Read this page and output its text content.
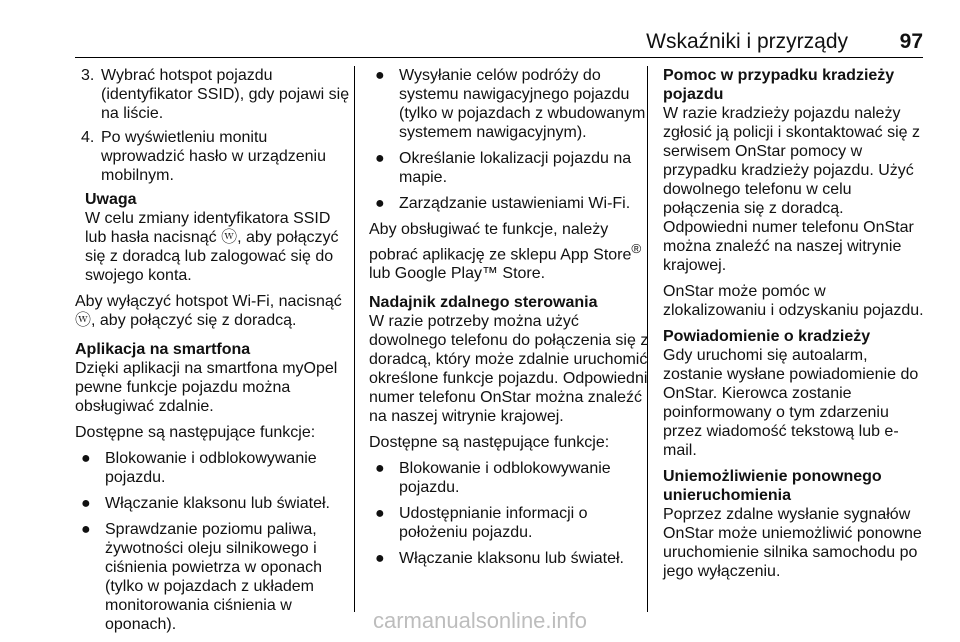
Wskaźniki i przyrządy 97
3. Wybrać hotspot pojazdu (identyfikator SSID), gdy pojawi się na liście.
4. Po wyświetleniu monitu wprowadzić hasło w urządzeniu mobilnym.
Uwaga
W celu zmiany identyfikatora SSID lub hasła nacisnąć ⓦ, aby połączyć się z doradcą lub zalogować się do swojego konta.

Aby wyłączyć hotspot Wi-Fi, nacisnąć ⓦ, aby połączyć się z doradcą.

Aplikacja na smartfona

Dzięki aplikacji na smartfona myOpel pewne funkcje pojazdu można obsługiwać zdalnie.

Dostępne są następujące funkcje:

● Blokowanie i odblokowywanie pojazdu.
● Włączanie klaksonu lub świateł.
● Sprawdzanie poziomu paliwa, żywotności oleju silnikowego i ciśnienia powietrza w oponach (tylko w pojazdach z układem monitorowania ciśnienia w oponach).
● Wysyłanie celów podróży do systemu nawigacyjnego pojazdu (tylko w pojazdach z wbudowanym systemem nawigacyjnym).
● Określanie lokalizacji pojazdu na mapie.
● Zarządzanie ustawieniami Wi-Fi.

Aby obsługiwać te funkcje, należy pobrać aplikację ze sklepu App Store® lub Google Play™ Store.

Nadajnik zdalnego sterowania

W razie potrzeby można użyć dowolnego telefonu do połączenia się z doradcą, który może zdalnie uruchomić określone funkcje pojazdu. Odpowiedni numer telefonu OnStar można znaleźć na naszej witrynie krajowej.

Dostępne są następujące funkcje:

● Blokowanie i odblokowywanie pojazdu.
● Udostępnianie informacji o położeniu pojazdu.
● Włączanie klaksonu lub świateł.
Pomoc w przypadku kradzieży pojazdu

W razie kradzieży pojazdu należy zgłosić ją policji i skontaktować się z serwisem OnStar pomocy w przypadku kradzieży pojazdu. Użyć dowolnego telefonu w celu połączenia się z doradcą. Odpowiedni numer telefonu OnStar można znaleźć na naszej witrynie krajowej.

OnStar może pomóc w zlokalizowaniu i odzyskaniu pojazdu.

Powiadomienie o kradzieży

Gdy uruchomi się autoalarm, zostanie wysłane powiadomienie do OnStar. Kierowca zostanie poinformowany o tym zdarzeniu przez wiadomość tekstową lub e-mail.

Uniemożliwienie ponownego unieruchomienia

Poprzez zdalne wysłanie sygnałów OnStar może uniemożliwić ponowne uruchomienie silnika samochodu po jego wyłączeniu.

carmanualsonline.info
